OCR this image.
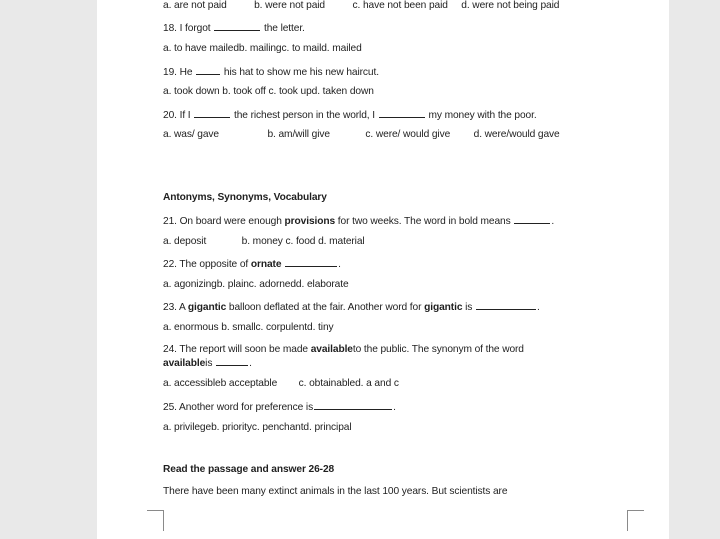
a. are not paid	b. were not paid	c. have not been paid d. were not being paid
18. I forgot	the letter.
a. to have mailedb. mailingc. to maild. mailed
19. He	his hat to show me his new haircut.
a. took down b. took off c. took upd. taken down
20. If I	the richest person in the world, I	my money with the poor.
a. was/ gave	b. am/will give	c. were/ would give d. were/would gave
Antonyms, Synonyms, Vocabulary
21. On board were enough provisions for two weeks. The word in bold means	.
a. deposit	b. money c. food d. material
22. The opposite of ornate	.
a. agonizingb. plainc. adornedd. elaborate
23. A gigantic balloon deflated at the fair. Another word for gigantic is	.
a. enormous b. smallc. corpulentd. tiny
24. The report will soon be made availableto the public. The synonym of the word
availableis	.
a. accessibleb acceptable c. obtainabled. a and c
25. Another word for preference is	.
a. privilegeb. priorityc. penchantd. principal
Read the passage and answer 26-28
There have been many extinct animals in the last 100 years. But scientists are
